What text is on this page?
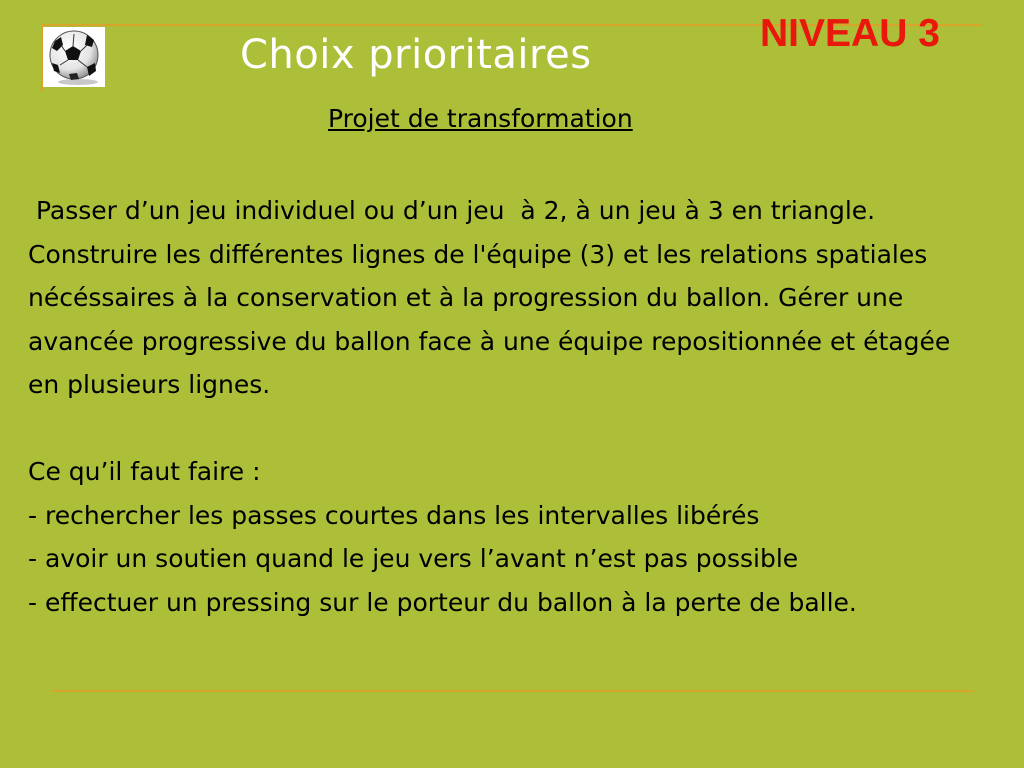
Choix prioritaires	NIVEAU 3
Projet de transformation

Passer d’un jeu individuel ou d’un jeu  à 2, à un jeu à 3 en triangle.  Construire les différentes lignes de l'équipe (3) et les relations spatiales nécéssaires à la conservation et à la progression du ballon. Gérer une avancée progressive du ballon face à une équipe repositionnée et étagée en plusieurs lignes.

Ce qu’il faut faire :

- rechercher les passes courtes dans les intervalles libérés

- avoir un soutien quand le jeu vers l’avant n’est pas possible

- effectuer un pressing sur le porteur du ballon à la perte de balle.
